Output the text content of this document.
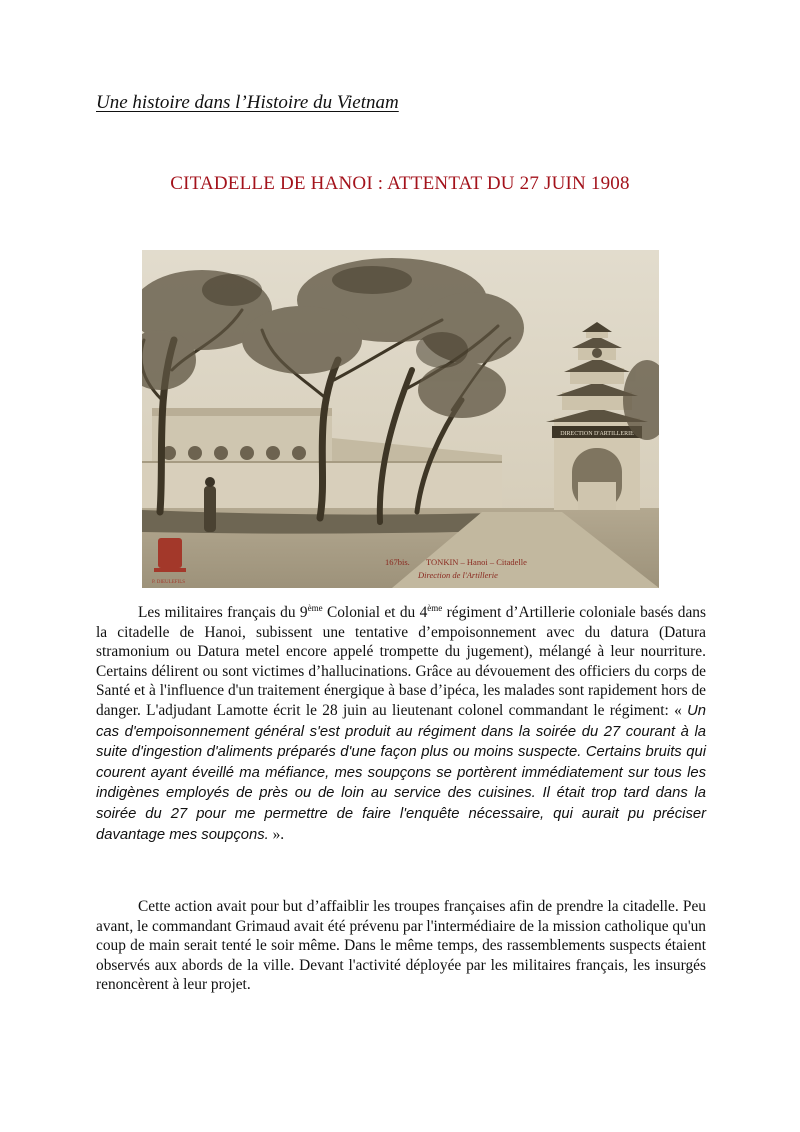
Une histoire dans l’Histoire du Vietnam
CITADELLE DE HANOI : ATTENTAT DU 27 JUIN 1908
DIRECTION D'ARTILLERIE
P. DIEULEFILS
167bis. TONKIN – Hanoi – Citadelle
Direction de l'Artillerie

Les militaires français du 9ème Colonial et du 4ème régiment d’Artillerie coloniale basés dans la citadelle de Hanoi, subissent une tentative d’empoisonnement avec du datura (Datura stramonium ou Datura metel encore appelé trompette du jugement), mélangé à leur nourriture. Certains délirent ou sont victimes d’hallucinations. Grâce au dévouement des officiers du corps de Santé et à l'influence d'un traitement énergique à base d’ipéca, les malades sont rapidement hors de danger. L'adjudant Lamotte écrit le 28 juin au lieutenant colonel commandant le régiment: « Un cas d'empoisonnement général s'est produit au régiment dans la soirée du 27 courant à la suite d'ingestion d'aliments préparés d'une façon plus ou moins suspecte. Certains bruits qui courent ayant éveillé ma méfiance, mes soupçons se portèrent immédiatement sur tous les indigènes employés de près ou de loin au service des cuisines. Il était trop tard dans la soirée du 27 pour me permettre de faire l'enquête nécessaire, qui aurait pu préciser davantage mes soupçons. ».

Cette action avait pour but d’affaiblir les troupes françaises afin de prendre la citadelle. Peu avant, le commandant Grimaud avait été prévenu par l'intermédiaire de la mission catholique qu'un coup de main serait tenté le soir même. Dans le même temps, des rassemblements suspects étaient observés aux abords de la ville. Devant l'activité déployée par les militaires français, les insurgés renoncèrent à leur projet.
